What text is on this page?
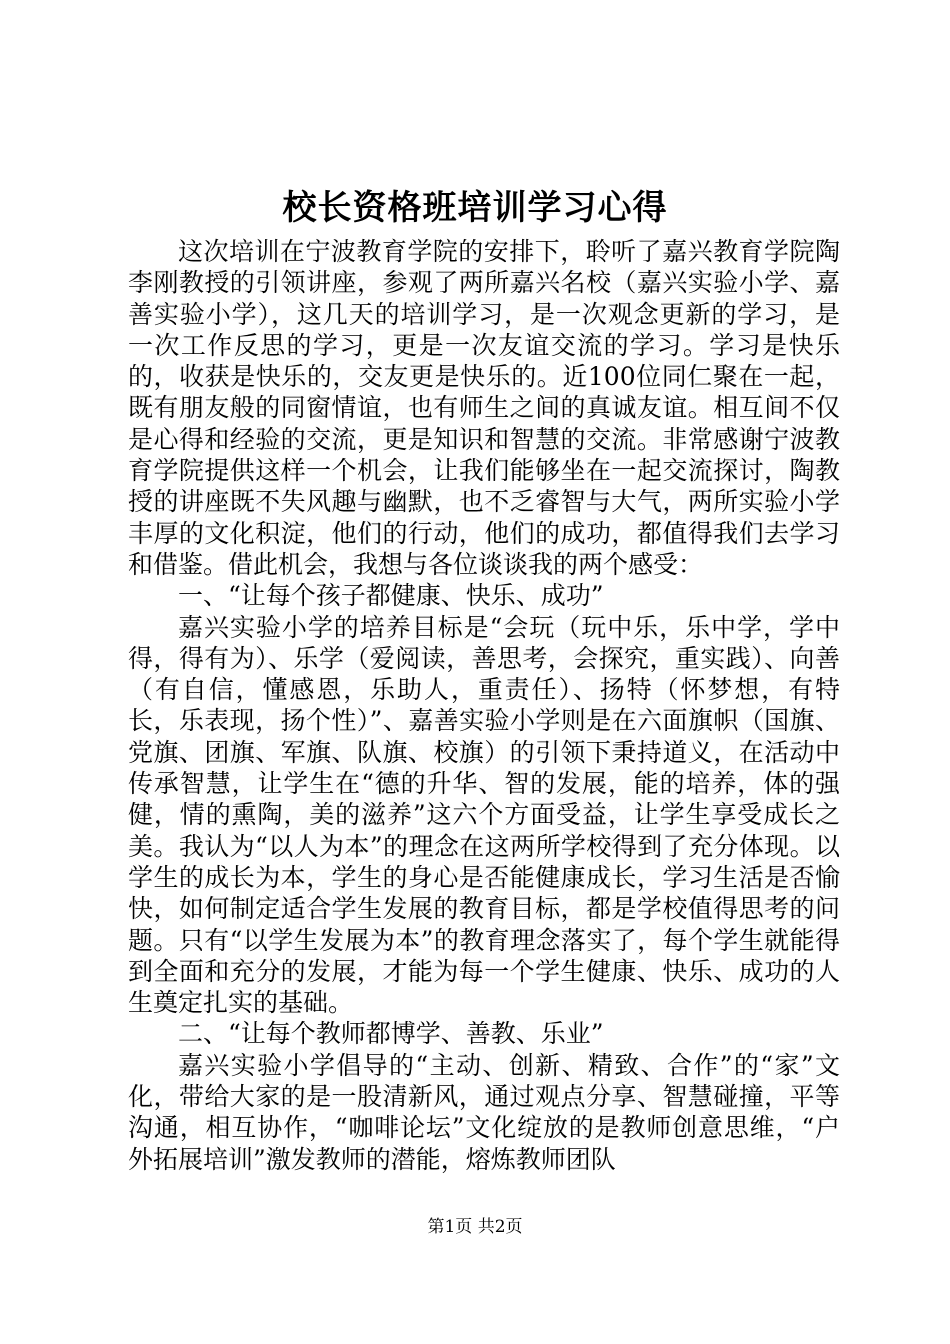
校长资格班培训学习心得

这次培训在宁波教育学院的安排下，聆听了嘉兴教育学院陶李刚教授的引领讲座，参观了两所嘉兴名校（嘉兴实验小学、嘉善实验小学），这几天的培训学习，是一次观念更新的学习，是一次工作反思的学习，更是一次友谊交流的学习。学习是快乐的，收获是快乐的，交友更是快乐的。近100位同仁聚在一起，既有朋友般的同窗情谊，也有师生之间的真诚友谊。相互间不仅是心得和经验的交流，更是知识和智慧的交流。非常感谢宁波教育学院提供这样一个机会，让我们能够坐在一起交流探讨，陶教授的讲座既不失风趣与幽默，也不乏睿智与大气，两所实验小学丰厚的文化积淀，他们的行动，他们的成功，都值得我们去学习和借鉴。借此机会，我想与各位谈谈我的两个感受：

一、“让每个孩子都健康、快乐、成功”

嘉兴实验小学的培养目标是“会玩（玩中乐，乐中学，学中得，得有为）、乐学（爱阅读，善思考，会探究，重实践）、向善（有自信，懂感恩，乐助人，重责任）、扬特（怀梦想，有特长，乐表现，扬个性）”、嘉善实验小学则是在六面旗帜（国旗、党旗、团旗、军旗、队旗、校旗）的引领下秉持道义，在活动中传承智慧，让学生在“德的升华、智的发展，能的培养，体的强健，情的熏陶，美的滋养”这六个方面受益，让学生享受成长之美。我认为“以人为本”的理念在这两所学校得到了充分体现。以学生的成长为本，学生的身心是否能健康成长，学习生活是否愉快，如何制定适合学生发展的教育目标，都是学校值得思考的问题。只有“以学生发展为本”的教育理念落实了，每个学生就能得到全面和充分的发展，才能为每一个学生健康、快乐、成功的人生奠定扎实的基础。

二、“让每个教师都博学、善教、乐业”

嘉兴实验小学倡导的“主动、创新、精致、合作”的“家”文化，带给大家的是一股清新风，通过观点分享、智慧碰撞，平等沟通，相互协作，“咖啡论坛”文化绽放的是教师创意思维，“户外拓展培训”激发教师的潜能，熔炼教师团队

第1页 共2页
